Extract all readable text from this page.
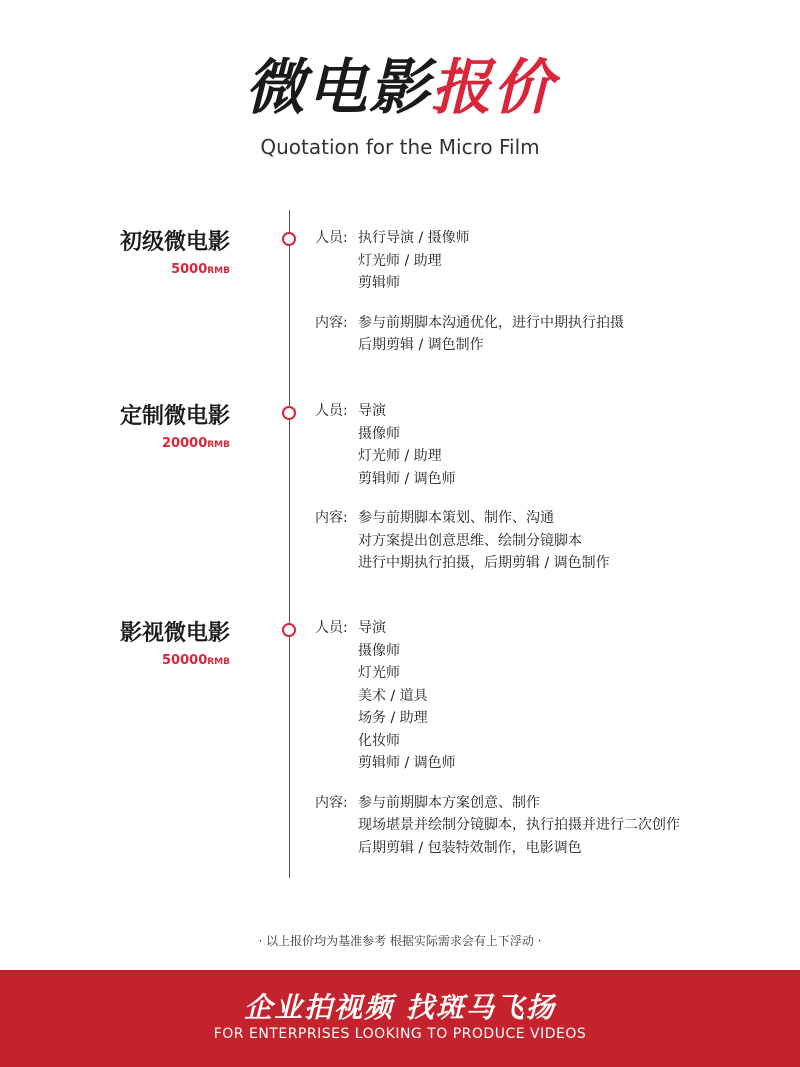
微电影报价
Quotation for the Micro Film
初级微电影
5000RMB
人员: 执行导演 / 摄像师
灯光师 / 助理
剪辑师
内容: 参与前期脚本沟通优化，进行中期执行拍摄
后期剪辑 / 调色制作
定制微电影
20000RMB
人员: 导演
摄像师
灯光师 / 助理
剪辑师 / 调色师
内容: 参与前期脚本策划、制作、沟通
对方案提出创意思维、绘制分镜脚本
进行中期执行拍摄，后期剪辑 / 调色制作
影视微电影
50000RMB
人员: 导演
摄像师
灯光师
美术 / 道具
场务 / 助理
化妆师
剪辑师 / 调色师
内容: 参与前期脚本方案创意、制作
现场堪景并绘制分镜脚本，执行拍摄并进行二次创作
后期剪辑 / 包装特效制作，电影调色
· 以上报价均为基准参考 根据实际需求会有上下浮动 ·
企业拍视频 找斑马飞扬
FOR ENTERPRISES LOOKING TO PRODUCE VIDEOS
